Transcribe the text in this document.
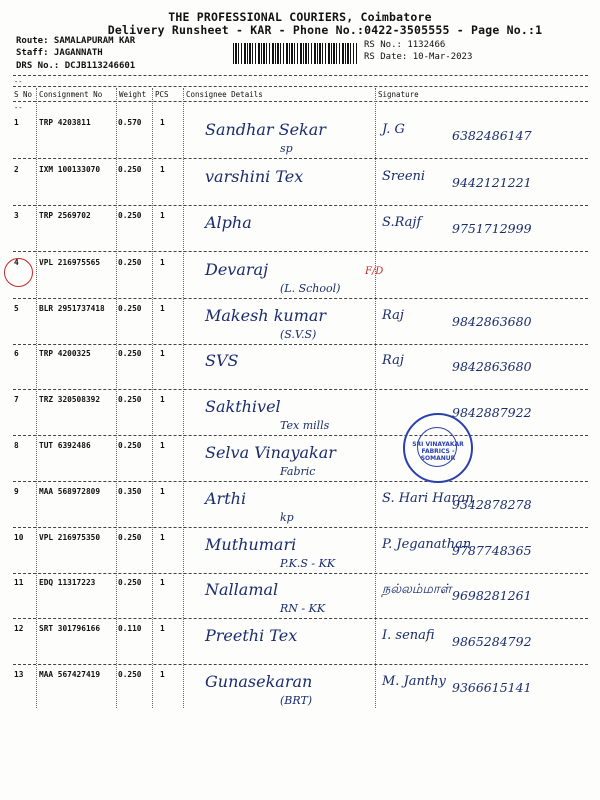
THE PROFESSIONAL COURIERS, Coimbatore
Delivery Runsheet - KAR - Phone No.:0422-3505555 - Page No.:1
Route: SAMALAPURAM KAR
Staff: JAGANNATH
DRS No.: DCJB113246601
RS No.: 1132466
RS Date: 10-Mar-2023
--
S No Consignment No Weight PCS Consignee Details	Signature
--
1	TRP 4203811	0.570 1	Sandhar Sekar
sp
J. G	6382486147
2	IXM 100133070 0.250 1	varshini Tex	Sreeni 9442121221
3	TRP 2569702	0.250 1	Alpha	S.Rajf 9751712999
4	VPL 216975565 0.250 1	Devaraj
(L. School)
5	BLR 2951737418 0.250 1	Makesh kumar
(S.V.S)
Raj	9842863680
6	TRP 4200325	0.250 1	SVS	Raj	9842863680
7	TRZ 320508392 0.250 1	Sakthivel
Tex mills
9842887922
8	TUT 6392486	0.250 1	Selva Vinayakar
Fabric
9	MAA 568972809 0.350 1	Arthi
kp
S. Hari Haran
9342878278
10 VPL 216975350 0.250 1	Muthumari
P.K.S - KK
P. Jeganathan
9787748365
11 EDQ 11317223	0.250 1	Nallamal
RN - KK
நல்லம்மாள் 9698281261
12 SRT 301796166 0.110 1	Preethi Tex	I. senafi 9865284792
13 MAA 567427419 0.250 1	Gunasekaran
(BRT)
M. Janthy 9366615141
F/D
SRI VINAYAKAR FABRICS - SOMANUR
